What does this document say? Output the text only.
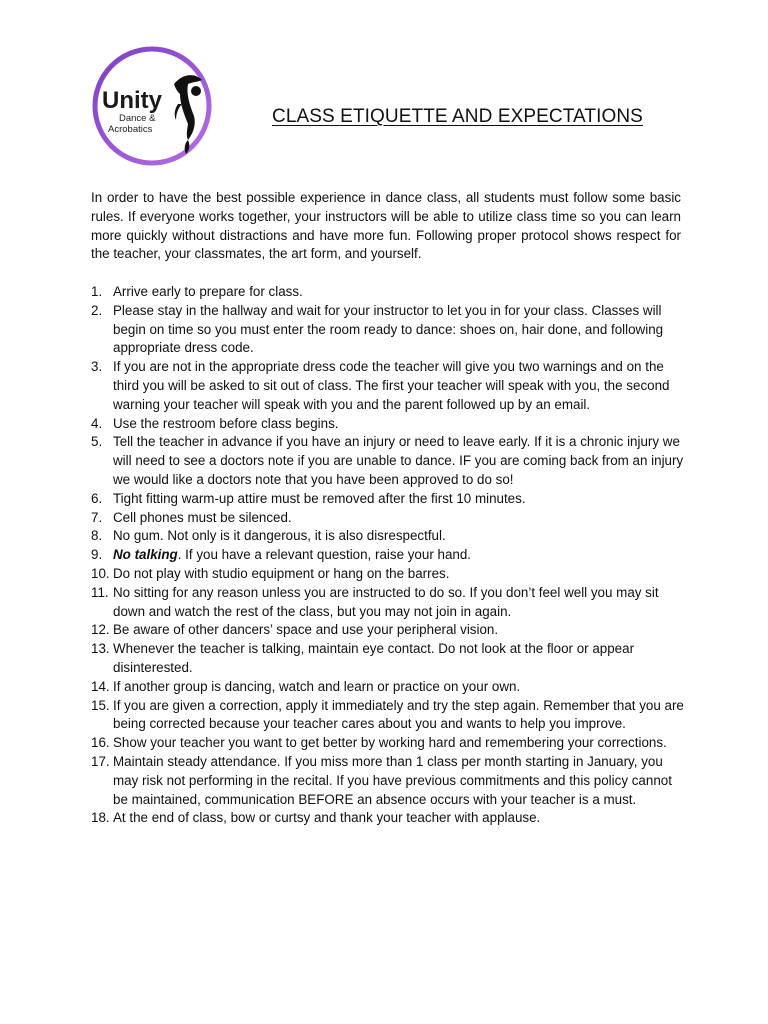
Unity
Dance &
Acrobatics
CLASS ETIQUETTE AND EXPECTATIONS

In order to have the best possible experience in dance class, all students must follow some basic rules. If everyone works together, your instructors will be able to utilize class time so you can learn more quickly without distractions and have more fun. Following proper protocol shows respect for the teacher, your classmates, the art form, and yourself.

1. Arrive early to prepare for class.
2. Please stay in the hallway and wait for your instructor to let you in for your class. Classes will begin on time so you must enter the room ready to dance: shoes on, hair done, and following appropriate dress code.
3. If you are not in the appropriate dress code the teacher will give you two warnings and on the third you will be asked to sit out of class. The first your teacher will speak with you, the second warning your teacher will speak with you and the parent followed up by an email.
4. Use the restroom before class begins.
5. Tell the teacher in advance if you have an injury or need to leave early. If it is a chronic injury we will need to see a doctors note if you are unable to dance. IF you are coming back from an injury we would like a doctors note that you have been approved to do so!
6. Tight fitting warm-up attire must be removed after the first 10 minutes.
7. Cell phones must be silenced.
8. No gum. Not only is it dangerous, it is also disrespectful.
9. No talking. If you have a relevant question, raise your hand.
10. Do not play with studio equipment or hang on the barres.
11. No sitting for any reason unless you are instructed to do so. If you don’t feel well you may sit down and watch the rest of the class, but you may not join in again.
12. Be aware of other dancers’ space and use your peripheral vision.
13. Whenever the teacher is talking, maintain eye contact. Do not look at the floor or appear disinterested.
14. If another group is dancing, watch and learn or practice on your own.
15. If you are given a correction, apply it immediately and try the step again. Remember that you are being corrected because your teacher cares about you and wants to help you improve.
16. Show your teacher you want to get better by working hard and remembering your corrections.
17. Maintain steady attendance. If you miss more than 1 class per month starting in January, you may risk not performing in the recital. If you have previous commitments and this policy cannot be maintained, communication BEFORE an absence occurs with your teacher is a must.
18. At the end of class, bow or curtsy and thank your teacher with applause.
